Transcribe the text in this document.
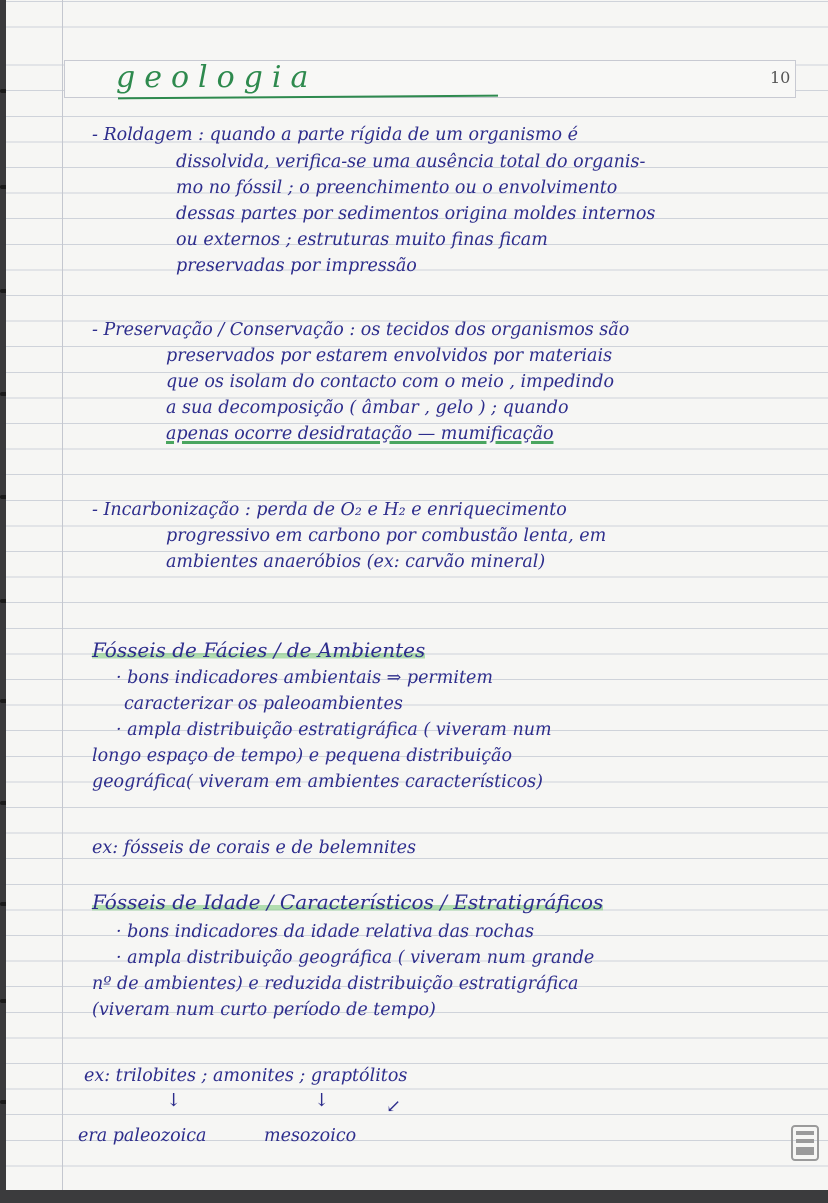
geologia	10
- Roldagem : quando a parte rígida de um organismo é
dissolvida, verifica-se uma ausência total do organis-
mo no fóssil ; o preenchimento ou o envolvimento
dessas partes por sedimentos origina moldes internos
ou externos ; estruturas muito finas ficam
preservadas por impressão
- Preservação / Conservação : os tecidos dos organismos são
preservados por estarem envolvidos por materiais
que os isolam do contacto com o meio , impedindo
a sua decomposição ( âmbar , gelo ) ; quando
apenas ocorre desidratação — mumificação
- Incarbonização : perda de O₂ e H₂ e enriquecimento
progressivo em carbono por combustão lenta, em
ambientes anaeróbios (ex: carvão mineral)
Fósseis de Fácies / de Ambientes
· bons indicadores ambientais ⇒ permitem
caracterizar os paleoambientes
· ampla distribuição estratigráfica ( viveram num
longo espaço de tempo) e pequena distribuição
geográfica( viveram em ambientes característicos)
ex: fósseis de corais e de belemnites
Fósseis de Idade / Característicos / Estratigráficos
· bons indicadores da idade relativa das rochas
· ampla distribuição geográfica ( viveram num grande
nº de ambientes) e reduzida distribuição estratigráfica
(viveram num curto período de tempo)
ex: trilobites ; amonites ; graptólitos
↓	↓	↙
era paleozoica	mesozoico
